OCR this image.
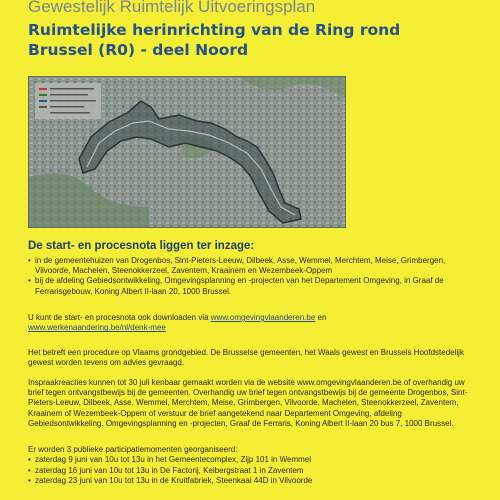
Gewestelijk Ruimtelijk Uitvoeringsplan
Ruimtelijke herinrichting van de Ring rond Brussel (R0) - deel Noord
De start- en procesnota liggen ter inzage:
• in de gemeentehuizen van Drogenbos, Sint-Pieters-Leeuw, Dilbeek, Asse, Wemmel, Merchtem, Meise, Grimbergen, Vilvoorde, Machelen, Steenokkerzeel, Zaventem, Kraainem en Wezembeek-Oppem
• bij de afdeling Gebiedsontwikkeling, Omgevingsplanning en -projecten van het Departement Omgeving, in Graaf de Ferrarisgebouw, Koning Albert II-laan 20, 1000 Brussel.

U kunt de start- en procesnota ook downloaden via www.omgevingvlaanderen.be en
www.werkenaandering.be/nl/denk-mee

Het betreft een procedure op Vlaams grondgebied. De Brusselse gemeenten, het Waals gewest en Brussels Hoofdstedelijk gewest worden tevens om advies gevraagd.

Inspraakreacties kunnen tot 30 juli kenbaar gemaakt worden via de website www.omgevingvlaanderen.be of overhandig uw brief tegen ontvangstbewijs bij de gemeenten. Overhandig uw brief tegen ontvangstbewijs bij de gemeente Drogenbos, Sint-Pieters-Leeuw, Dilbeek, Asse, Wemmel, Merchtem, Meise, Grimbergen, Vilvoorde, Machelen, Steenokkerzeel, Zaventem, Kraainem of Wezembeek-Oppem of verstuur de brief aangetekend naar Departement Omgeving, afdeling Gebiedsontwikkeling, Omgevingsplanning en -projecten, Graaf de Ferraris, Koning Albert II-laan 20 bus 7, 1000 Brussel.

Er worden 3 publieke participatiemomenten georganiseerd:

• zaterdag 9 juni van 10u tot 13u in het Gemeentecomplex, Zijp 101 in Wemmel
• zaterdag 16 juni van 10u tot 13u in De Factorij, Keibergstraat 1 in Zaventem
• zaterdag 23 juni van 10u tot 13u in de Kruitfabriek, Steenkaai 44D in Vilvoorde
